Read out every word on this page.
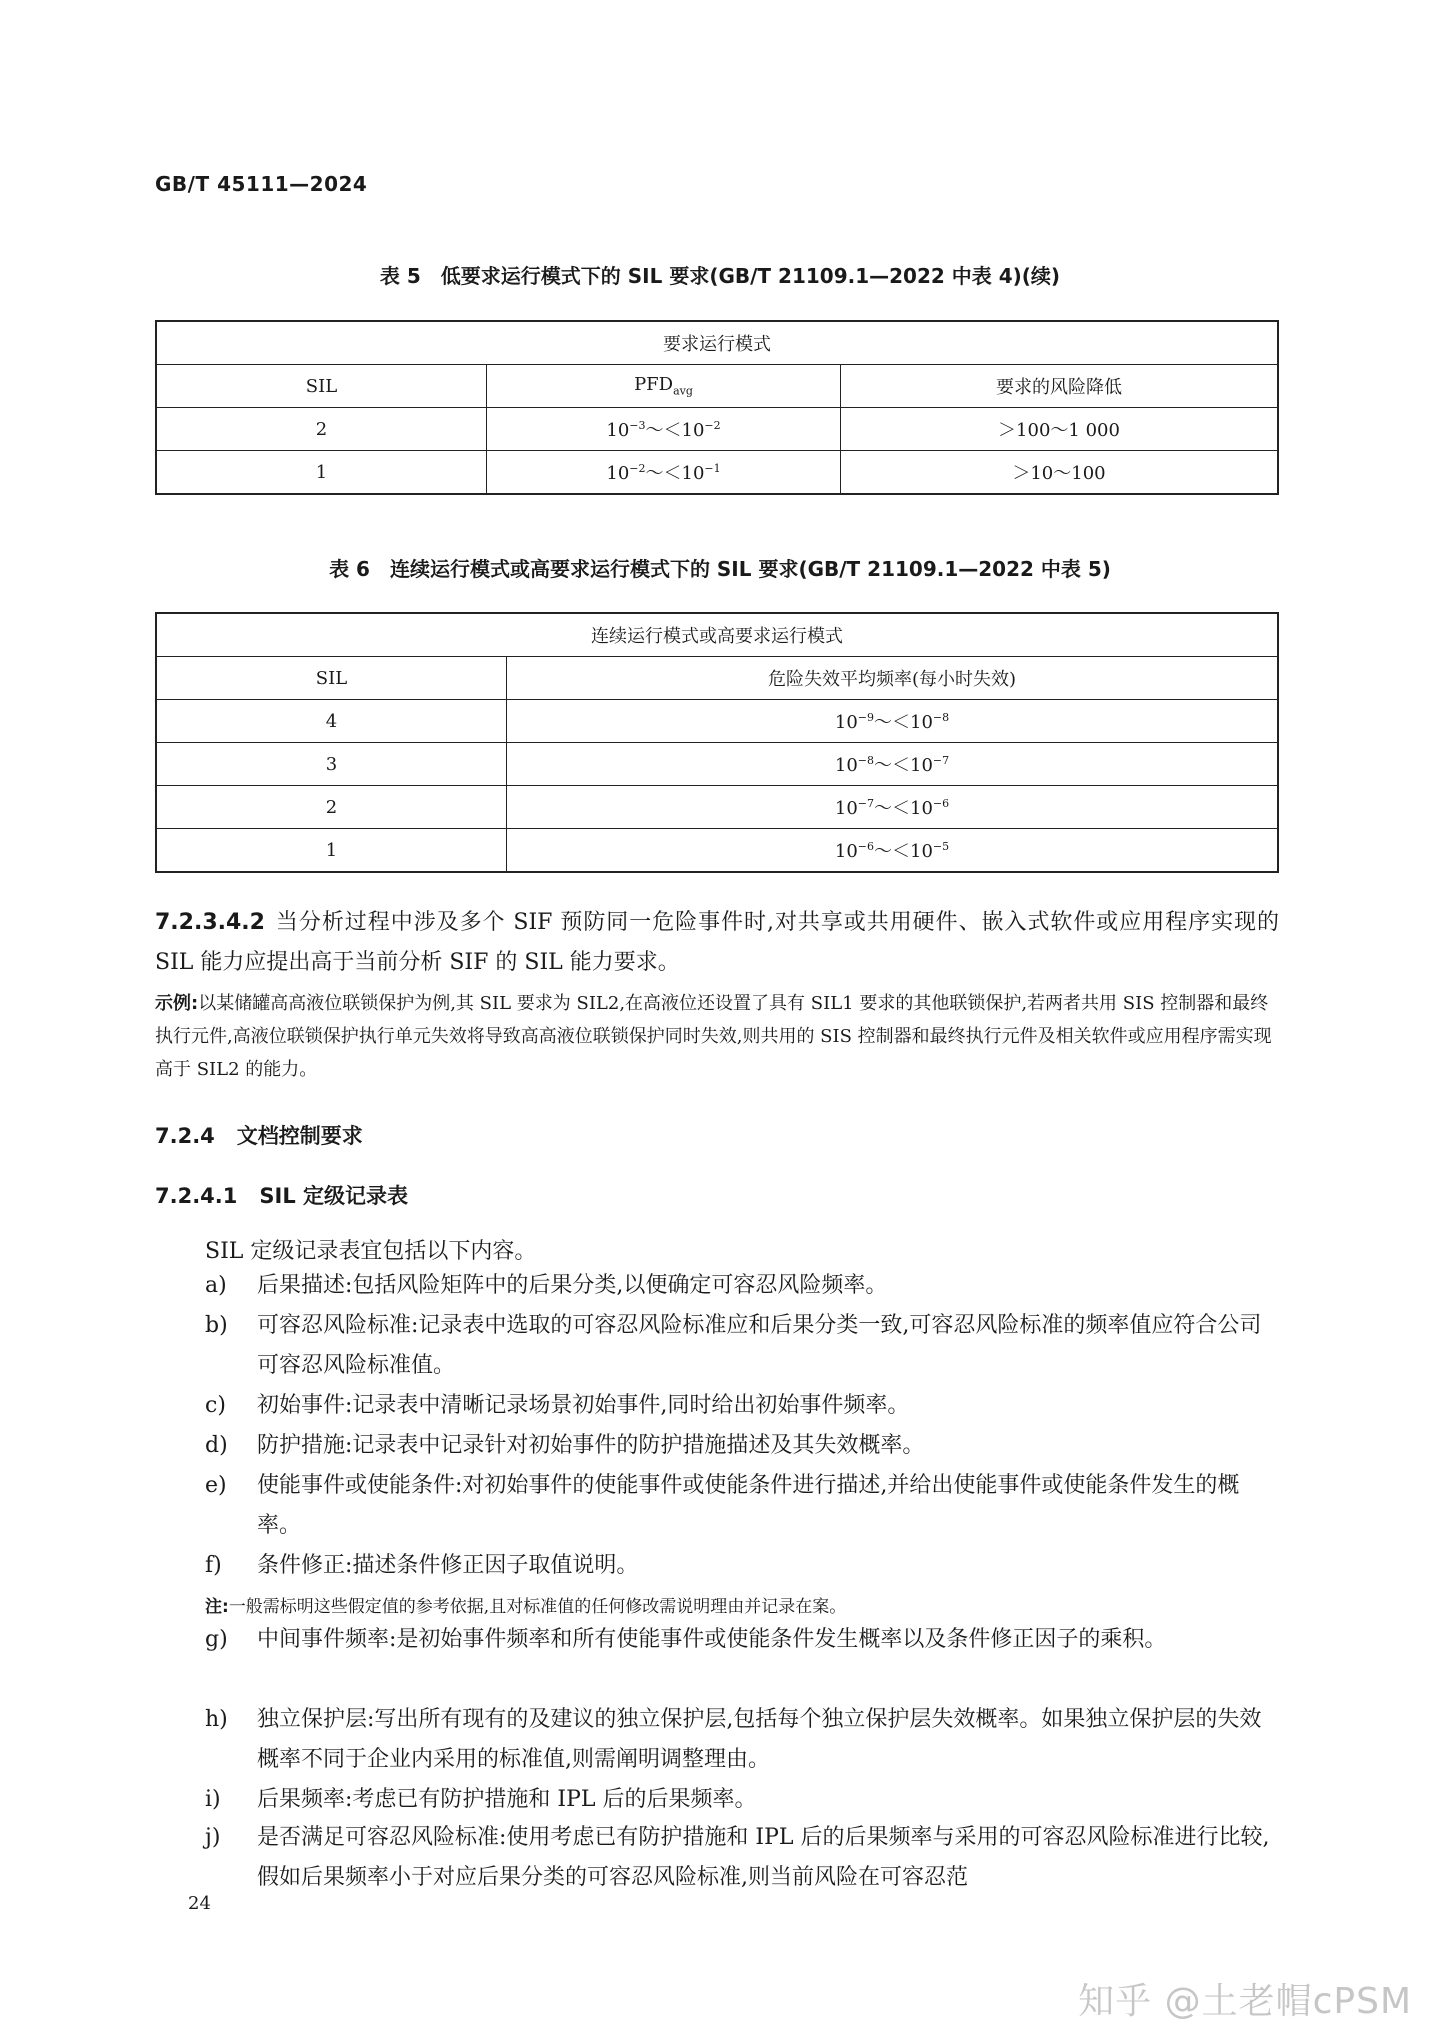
GB/T 45111—2024
表 5　低要求运行模式下的 SIL 要求(GB/T 21109.1—2022 中表 4)(续)
要求运行模式		
SIL	$PFD_{avg}$	要求的风险降低
2	$10^{-3}\sim<10^{-2}$	＞100～1 000
1	$10^{-2}\sim<10^{-1}$	＞10～100
表 6　连续运行模式或高要求运行模式下的 SIL 要求(GB/T 21109.1—2022 中表 5)
连续运行模式或高要求运行模式	
SIL	危险失效平均频率(每小时失效)
4	$10^{-9}\sim<10^{-8}$
3	$10^{-8}\sim<10^{-7}$
2	$10^{-7}\sim<10^{-6}$
1	$10^{-6}\sim<10^{-5}$
7.2.3.4.2 当分析过程中涉及多个 SIF 预防同一危险事件时,对共享或共用硬件、嵌入式软件或应用程序实现的 SIL 能力应提出高于当前分析 SIF 的 SIL 能力要求。
示例:以某储罐高高液位联锁保护为例,其 SIL 要求为 SIL2,在高液位还设置了具有 SIL1 要求的其他联锁保护,若两者共用 SIS 控制器和最终执行元件,高液位联锁保护执行单元失效将导致高高液位联锁保护同时失效,则共用的 SIS 控制器和最终执行元件及相关软件或应用程序需实现高于 SIL2 的能力。
7.2.4 文档控制要求
7.2.4.1 SIL 定级记录表
SIL 定级记录表宜包括以下内容。
a) 后果描述:包括风险矩阵中的后果分类,以便确定可容忍风险频率。
b) 可容忍风险标准:记录表中选取的可容忍风险标准应和后果分类一致,可容忍风险标准的频率值应符合公司可容忍风险标准值。
c) 初始事件:记录表中清晰记录场景初始事件,同时给出初始事件频率。
d) 防护措施:记录表中记录针对初始事件的防护措施描述及其失效概率。
e) 使能事件或使能条件:对初始事件的使能事件或使能条件进行描述,并给出使能事件或使能条件发生的概率。
f) 条件修正:描述条件修正因子取值说明。
注:一般需标明这些假定值的参考依据,且对标准值的任何修改需说明理由并记录在案。
g) 中间事件频率:是初始事件频率和所有使能事件或使能条件发生概率以及条件修正因子的乘积。
h) 独立保护层:写出所有现有的及建议的独立保护层,包括每个独立保护层失效概率。如果独立保护层的失效概率不同于企业内采用的标准值,则需阐明调整理由。
i) 后果频率:考虑已有防护措施和 IPL 后的后果频率。
j) 是否满足可容忍风险标准:使用考虑已有防护措施和 IPL 后的后果频率与采用的可容忍风险标准进行比较,假如后果频率小于对应后果分类的可容忍风险标准,则当前风险在可容忍范
24
知乎 @土老帽cPSM
